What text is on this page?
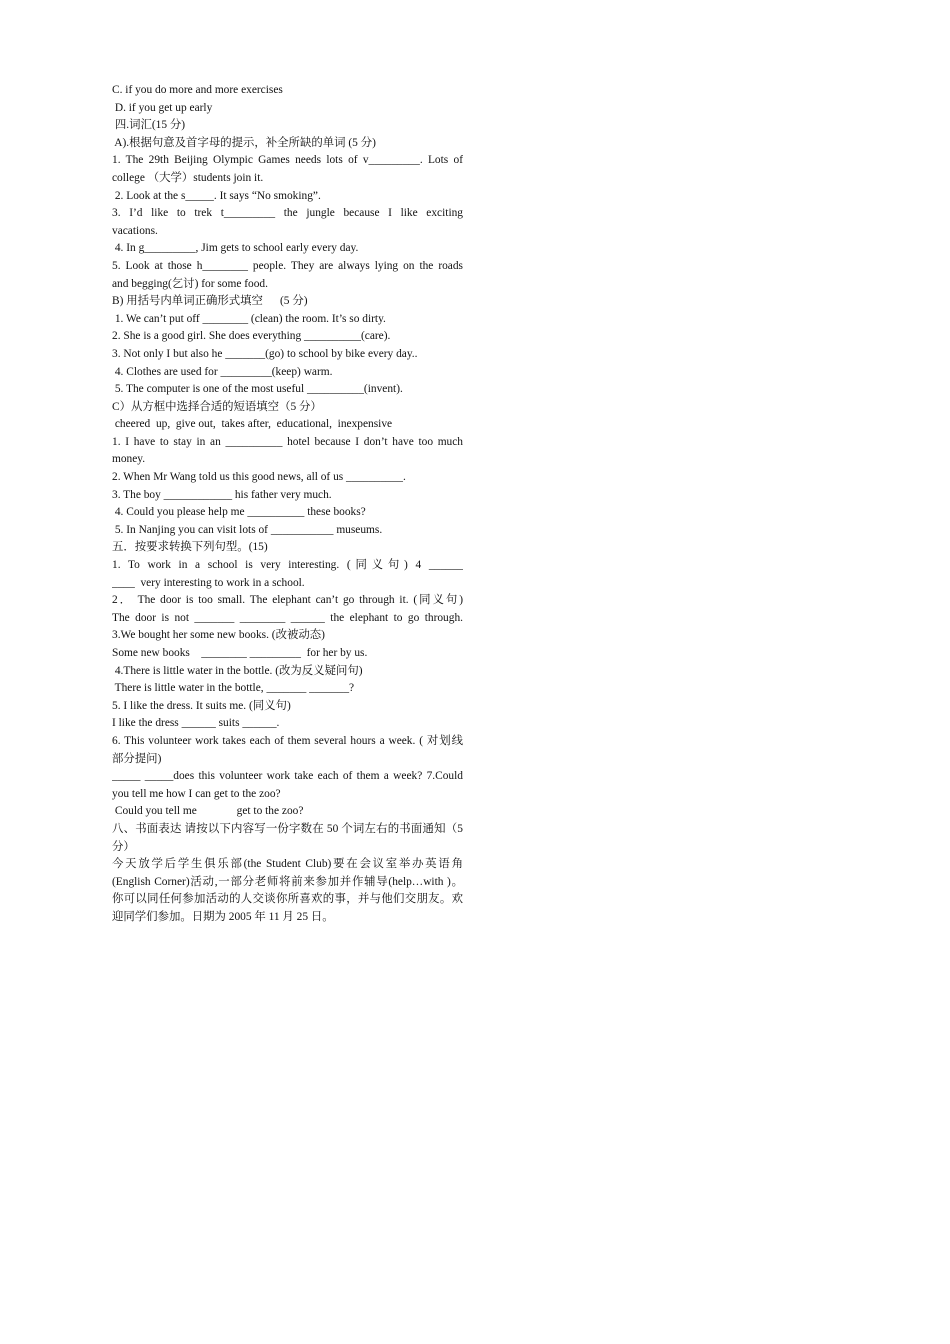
C. if you do more and more exercises
D. if you get up early
四.词汇(15 分)
A).根据句意及首字母的提示，补全所缺的单词 (5 分)
1. The 29th Beijing Olympic Games needs lots of v_________. Lots of
college （大学）students join it.
2. Look at the s_____. It says “No smoking”.
3. I’d like to trek t_________ the jungle because I like exciting
vacations.
4. In g_________, Jim gets to school early every day.
5. Look at those h________ people. They are always lying on the roads
and begging(乞讨) for some food.
B) 用括号内单词正确形式填空      (5 分)
1. We can’t put off ________ (clean) the room. It’s so dirty.
2. She is a good girl. She does everything __________(care).
3. Not only I but also he _______(go) to school by bike every day..
4. Clothes are used for _________(keep) warm.
5. The computer is one of the most useful __________(invent).
C）从方框中选择合适的短语填空（5 分）
cheered  up,  give out,  takes after,  educational,  inexpensive
1. I have to stay in an __________ hotel because I don’t have too much
money.
2. When Mr Wang told us this good news, all of us __________.
3. The boy ____________ his father very much.
4. Could you please help me __________ these books?
5. In Nanjing you can visit lots of ___________ museums.
五．按要求转换下列句型。(15)
1. To work in a school is very interesting. (同义句) 4 ______
____  very interesting to work in a school.
2． The door is too small. The elephant can’t go through it. (同义句)
The door is not _______ ________ ______ the elephant to go through.
3.We bought her some new books. (改被动态)
Some new books    ________ _________  for her by us.
4.There is little water in the bottle. (改为反义疑问句)
There is little water in the bottle, _______ _______?
5. I like the dress. It suits me. (同义句)
I like the dress ______ suits ______.
6. This volunteer work takes each of them several hours a week. ( 对划线
部分提问)
_____ _____does this volunteer work take each of them a week? 7.Could
you tell me how I can get to the zoo?
Could you tell me              get to the zoo?
八、书面表达 请按以下内容写一份字数在 50 个词左右的书面通知（5
分）
今天放学后学生俱乐部(the Student Club)要在会议室举办英语角
(English Corner)活动,一部分老师将前来参加并作辅导(help…with )。
你可以同任何参加活动的人交谈你所喜欢的事，并与他们交朋友。欢
迎同学们参加。日期为 2005 年 11 月 25 日。
